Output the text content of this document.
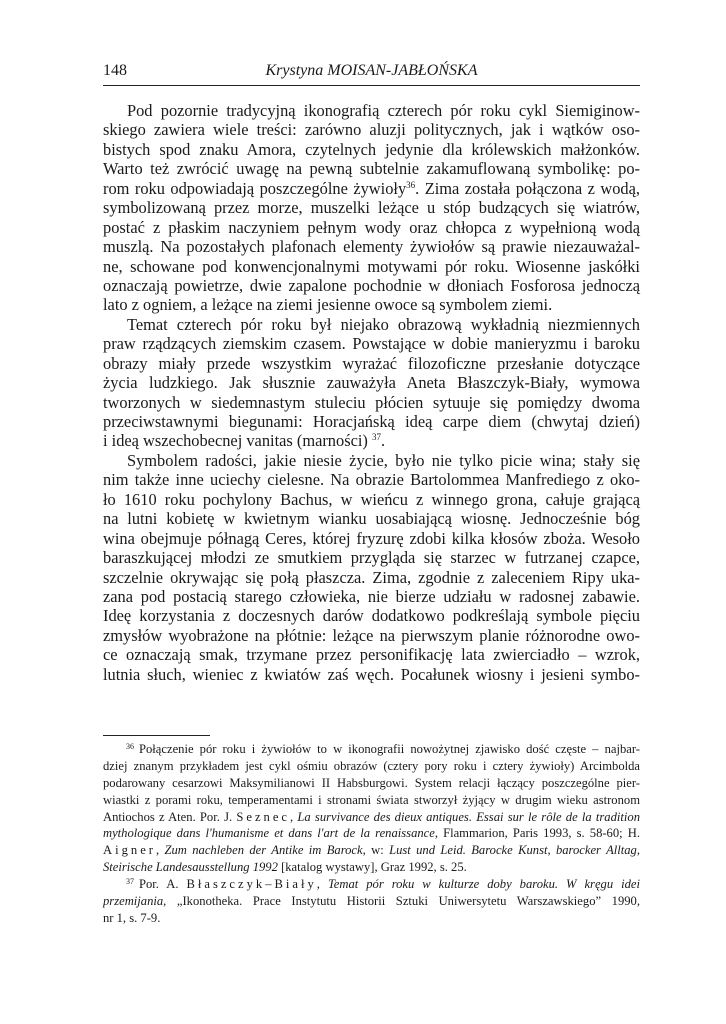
148	Krystyna MOISAN-JABŁOŃSKA
Pod pozornie tradycyjną ikonografią czterech pór roku cykl Siemiginow-
skiego zawiera wiele treści: zarówno aluzji politycznych, jak i wątków oso-
bistych spod znaku Amora, czytelnych jedynie dla królewskich małżonków.
Warto też zwrócić uwagę na pewną subtelnie zakamuflowaną symbolikę: po-
rom roku odpowiadają poszczególne żywioły$^{36}$. Zima została połączona z wodą,
symbolizowaną przez morze, muszelki leżące u stóp budzących się wiatrów,
postać z płaskim naczyniem pełnym wody oraz chłopca z wypełnioną wodą
muszlą. Na pozostałych plafonach elementy żywiołów są prawie niezauważal-
ne, schowane pod konwencjonalnymi motywami pór roku. Wiosenne jaskółki
oznaczają powietrze, dwie zapalone pochodnie w dłoniach Fosforosa jednoczą
lato z ogniem, a leżące na ziemi jesienne owoce są symbolem ziemi.
Temat czterech pór roku był niejako obrazową wykładnią niezmiennych
praw rządzących ziemskim czasem. Powstające w dobie manieryzmu i baroku
obrazy miały przede wszystkim wyrażać filozoficzne przesłanie dotyczące
życia ludzkiego. Jak słusznie zauważyła Aneta Błaszczyk-Biały, wymowa
tworzonych w siedemnastym stuleciu płócien sytuuje się pomiędzy dwoma
przeciwstawnymi biegunami: Horacjańską ideą carpe diem (chwytaj dzień)
i ideą wszechobecnej vanitas (marności) $^{37}$.
Symbolem radości, jakie niesie życie, było nie tylko picie wina; stały się
nim także inne uciechy cielesne. Na obrazie Bartolommea Manfrediego z oko-
ło 1610 roku pochylony Bachus, w wieńcu z winnego grona, całuje grającą
na lutni kobietę w kwietnym wianku uosabiającą wiosnę. Jednocześnie bóg
wina obejmuje półnagą Ceres, której fryzurę zdobi kilka kłosów zboża. Wesoło
baraszkującej młodzi ze smutkiem przygląda się starzec w futrzanej czapce,
szczelnie okrywając się połą płaszcza. Zima, zgodnie z zaleceniem Ripy uka-
zana pod postacią starego człowieka, nie bierze udziału w radosnej zabawie.
Ideę korzystania z doczesnych darów dodatkowo podkreślają symbole pięciu
zmysłów wyobrażone na płótnie: leżące na pierwszym planie różnorodne owo-
ce oznaczają smak, trzymane przez personifikację lata zwierciadło – wzrok,
lutnia słuch, wieniec z kwiatów zaś węch. Pocałunek wiosny i jesieni symbo-
$^{36}$ Połączenie pór roku i żywiołów to w ikonografii nowożytnej zjawisko dość częste – najbar-
dziej znanym przykładem jest cykl ośmiu obrazów (cztery pory roku i cztery żywioły) Arcimbolda
podarowany cesarzowi Maksymilianowi II Habsburgowi. System relacji łączący poszczególne pier-
wiastki z porami roku, temperamentami i stronami świata stworzył żyjący w drugim wieku astronom
Antiochos z Aten. Por. J. Seznec, La survivance des dieux antiques. Essai sur le rôle de la tradition
mythologique dans l'humanisme et dans l'art de la renaissance, Flammarion, Paris 1993, s. 58-60; H.
Aigner, Zum nachleben der Antike im Barock, w: Lust und Leid. Barocke Kunst, barocker Alltag,
Steirische Landesausstellung 1992 [katalog wystawy], Graz 1992, s. 25.
$^{37}$ Por. A. Błaszczyk–Biały, Temat pór roku w kulturze doby baroku. W kręgu idei
przemijania, „Ikonotheka. Prace Instytutu Historii Sztuki Uniwersytetu Warszawskiego” 1990,
nr 1, s. 7-9.
